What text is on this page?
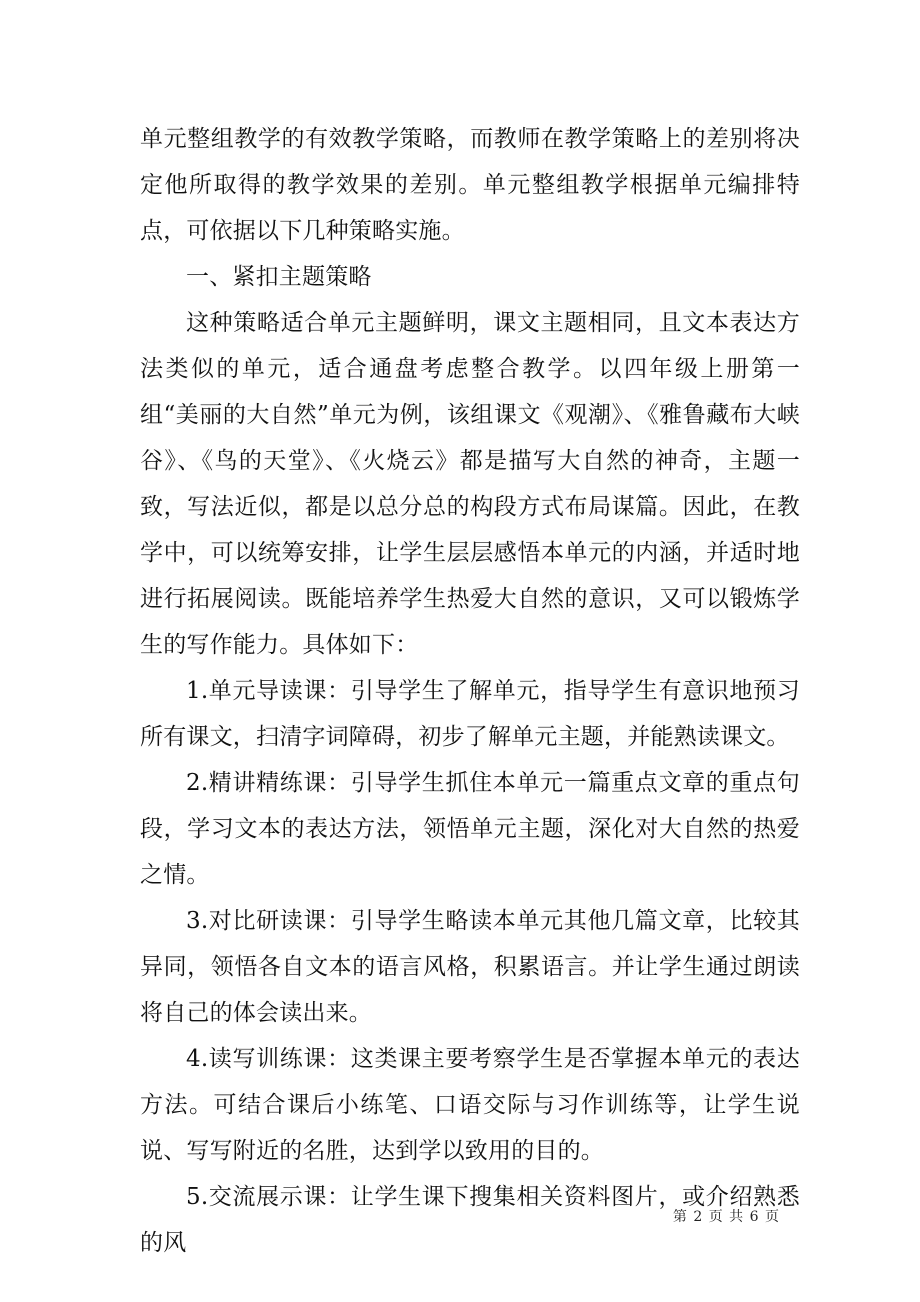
单元整组教学的有效教学策略，而教师在教学策略上的差别将决定他所取得的教学效果的差别。单元整组教学根据单元编排特点，可依据以下几种策略实施。

一、紧扣主题策略

这种策略适合单元主题鲜明，课文主题相同，且文本表达方法类似的单元，适合通盘考虑整合教学。以四年级上册第一组“美丽的大自然”单元为例，该组课文《观潮》、《雅鲁藏布大峡谷》、《鸟的天堂》、《火烧云》都是描写大自然的神奇，主题一致，写法近似，都是以总分总的构段方式布局谋篇。因此，在教学中，可以统筹安排，让学生层层感悟本单元的内涵，并适时地进行拓展阅读。既能培养学生热爱大自然的意识，又可以锻炼学生的写作能力。具体如下：

1.单元导读课：引导学生了解单元，指导学生有意识地预习所有课文，扫清字词障碍，初步了解单元主题，并能熟读课文。

2.精讲精练课：引导学生抓住本单元一篇重点文章的重点句段，学习文本的表达方法，领悟单元主题，深化对大自然的热爱之情。

3.对比研读课：引导学生略读本单元其他几篇文章，比较其异同，领悟各自文本的语言风格，积累语言。并让学生通过朗读将自己的体会读出来。

4.读写训练课：这类课主要考察学生是否掌握本单元的表达方法。可结合课后小练笔、口语交际与习作训练等，让学生说说、写写附近的名胜，达到学以致用的目的。

5.交流展示课：让学生课下搜集相关资料图片，或介绍熟悉的风

第 2 页 共 6 页
